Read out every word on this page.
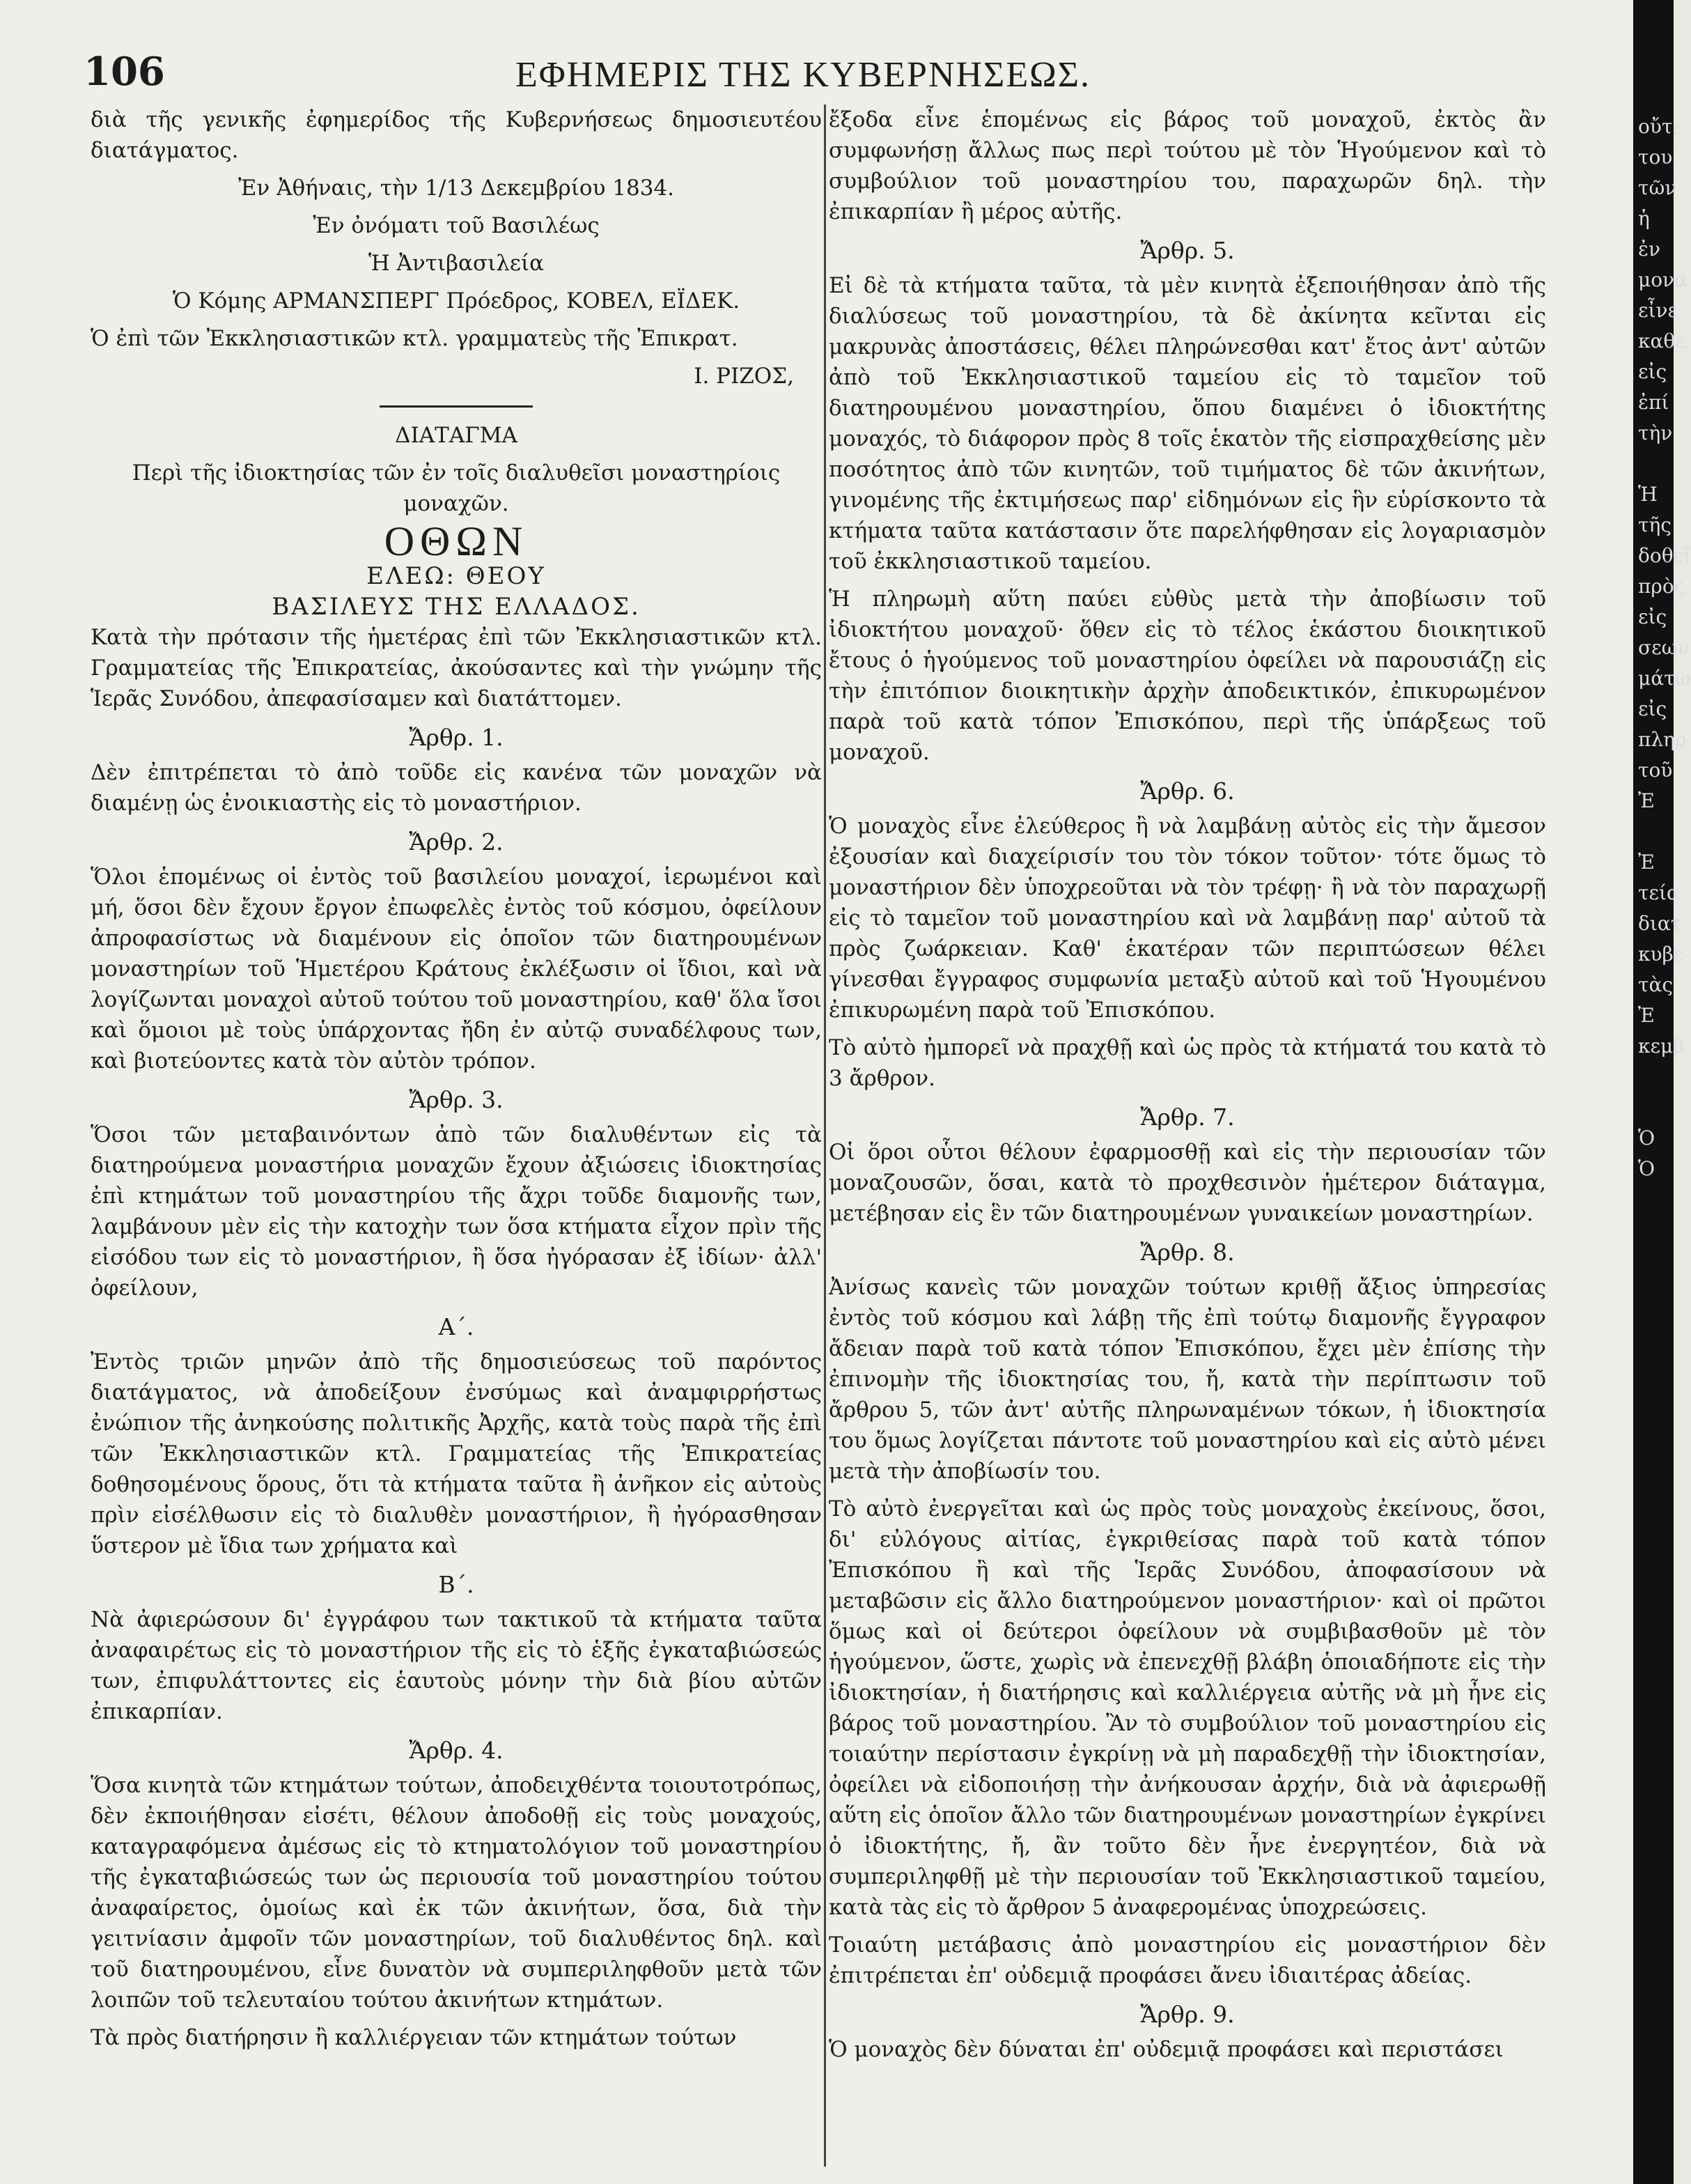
106	ΕΦΗΜΕΡΙΣ ΤΗΣ ΚΥΒΕΡΝΗΣΕΩΣ.

διὰ τῆς γενικῆς ἐφημερίδος τῆς Κυβερνήσεως δημοσιευτέου διατάγματος.

Ἐν Ἀθήναις, τὴν 1/13 Δεκεμβρίου 1834.

Ἐν ὀνόματι τοῦ Βασιλέως

Ἡ Ἀντιβασιλεία

Ὁ Κόμης ΑΡΜΑΝΣΠΕΡΓ Πρόεδρος, ΚΟΒΕΛ, ΕΪΔΕΚ.

Ὁ ἐπὶ τῶν Ἐκκλησιαστικῶν κτλ. γραμματεὺς τῆς Ἐπικρατ.

Ι. ΡΙΖΟΣ,

ΔΙΑΤΑΓΜΑ

Περὶ τῆς ἰδιοκτησίας τῶν ἐν τοῖς διαλυθεῖσι μοναστηρίοις μοναχῶν.

ΟΘΩΝ
ΕΛΕΩ: ΘΕΟΥ
ΒΑΣΙΛΕΥΣ ΤΗΣ ΕΛΛΑΔΟΣ.

Κατὰ τὴν πρότασιν τῆς ἡμετέρας ἐπὶ τῶν Ἐκκλησιαστικῶν κτλ. Γραμματείας τῆς Ἐπικρατείας, ἀκούσαντες καὶ τὴν γνώμην τῆς Ἱερᾶς Συνόδου, ἀπεφασίσαμεν καὶ διατάττομεν.

Ἄρθρ. 1.

Δὲν ἐπιτρέπεται τὸ ἀπὸ τοῦδε εἰς κανένα τῶν μοναχῶν νὰ διαμένῃ ὡς ἐνοικιαστὴς εἰς τὸ μοναστήριον.

Ἄρθρ. 2.

Ὅλοι ἑπομένως οἱ ἐντὸς τοῦ βασιλείου μοναχοί, ἱερωμένοι καὶ μή, ὅσοι δὲν ἔχουν ἔργον ἐπωφελὲς ἐντὸς τοῦ κόσμου, ὀφείλουν ἀπροφασίστως νὰ διαμένουν εἰς ὁποῖον τῶν διατηρουμένων μοναστηρίων τοῦ Ἡμετέρου Κράτους ἐκλέξωσιν οἱ ἴδιοι, καὶ νὰ λογίζωνται μοναχοὶ αὐτοῦ τούτου τοῦ μοναστηρίου, καθ' ὅλα ἴσοι καὶ ὅμοιοι μὲ τοὺς ὑπάρχοντας ἤδη ἐν αὐτῷ συναδέλφους των, καὶ βιοτεύοντες κατὰ τὸν αὐτὸν τρόπον.

Ἄρθρ. 3.

Ὅσοι τῶν μεταβαινόντων ἀπὸ τῶν διαλυθέντων εἰς τὰ διατηρούμενα μοναστήρια μοναχῶν ἔχουν ἀξιώσεις ἰδιοκτησίας ἐπὶ κτημάτων τοῦ μοναστηρίου τῆς ἄχρι τοῦδε διαμονῆς των, λαμβάνουν μὲν εἰς τὴν κατοχὴν των ὅσα κτήματα εἶχον πρὶν τῆς εἰσόδου των εἰς τὸ μοναστήριον, ἢ ὅσα ἠγόρασαν ἐξ ἰδίων· ἀλλ' ὀφείλουν,

Α΄.

Ἐντὸς τριῶν μηνῶν ἀπὸ τῆς δημοσιεύσεως τοῦ παρόντος διατάγματος, νὰ ἀποδείξουν ἐνσύμως καὶ ἀναμφιρρήστως ἐνώπιον τῆς ἀνηκούσης πολιτικῆς Ἀρχῆς, κατὰ τοὺς παρὰ τῆς ἐπὶ τῶν Ἐκκλησιαστικῶν κτλ. Γραμματείας τῆς Ἐπικρατείας δοθησομένους ὅρους, ὅτι τὰ κτήματα ταῦτα ἢ ἀνῆκον εἰς αὐτοὺς πρὶν εἰσέλθωσιν εἰς τὸ διαλυθὲν μοναστήριον, ἢ ἠγόρασθησαν ὕστερον μὲ ἴδια των χρήματα καὶ

Β΄.

Νὰ ἀφιερώσουν δι' ἐγγράφου των τακτικοῦ τὰ κτήματα ταῦτα ἀναφαιρέτως εἰς τὸ μοναστήριον τῆς εἰς τὸ ἑξῆς ἐγκαταβιώσεώς των, ἐπιφυλάττοντες εἰς ἑαυτοὺς μόνην τὴν διὰ βίου αὐτῶν ἐπικαρπίαν.

Ἄρθρ. 4.

Ὅσα κινητὰ τῶν κτημάτων τούτων, ἀποδειχθέντα τοιουτοτρόπως, δὲν ἐκποιήθησαν εἰσέτι, θέλουν ἀποδοθῇ εἰς τοὺς μοναχούς, καταγραφόμενα ἀμέσως εἰς τὸ κτηματολόγιον τοῦ μοναστηρίου τῆς ἐγκαταβιώσεώς των ὡς περιουσία τοῦ μοναστηρίου τούτου ἀναφαίρετος, ὁμοίως καὶ ἐκ τῶν ἀκινήτων, ὅσα, διὰ τὴν γειτνίασιν ἀμφοῖν τῶν μοναστηρίων, τοῦ διαλυθέντος δηλ. καὶ τοῦ διατηρουμένου, εἶνε δυνατὸν νὰ συμπεριληφθοῦν μετὰ τῶν λοιπῶν τοῦ τελευταίου τούτου ἀκινήτων κτημάτων.

Τὰ πρὸς διατήρησιν ἢ καλλιέργειαν τῶν κτημάτων τούτων

ἔξοδα εἶνε ἑπομένως εἰς βάρος τοῦ μοναχοῦ, ἐκτὸς ἂν συμφωνήσῃ ἄλλως πως περὶ τούτου μὲ τὸν Ἡγούμενον καὶ τὸ συμβούλιον τοῦ μοναστηρίου του, παραχωρῶν δηλ. τὴν ἐπικαρπίαν ἢ μέρος αὐτῆς.

Ἄρθρ. 5.

Εἰ δὲ τὰ κτήματα ταῦτα, τὰ μὲν κινητὰ ἐξεποιήθησαν ἀπὸ τῆς διαλύσεως τοῦ μοναστηρίου, τὰ δὲ ἀκίνητα κεῖνται εἰς μακρυνὰς ἀποστάσεις, θέλει πληρώνεσθαι κατ' ἔτος ἀντ' αὐτῶν ἀπὸ τοῦ Ἐκκλησιαστικοῦ ταμείου εἰς τὸ ταμεῖον τοῦ διατηρουμένου μοναστηρίου, ὅπου διαμένει ὁ ἰδιοκτήτης μοναχός, τὸ διάφορον πρὸς 8 τοῖς ἑκατὸν τῆς εἰσπραχθείσης μὲν ποσότητος ἀπὸ τῶν κινητῶν, τοῦ τιμήματος δὲ τῶν ἀκινήτων, γινομένης τῆς ἐκτιμήσεως παρ' εἰδημόνων εἰς ἣν εὑρίσκοντο τὰ κτήματα ταῦτα κατάστασιν ὅτε παρελήφθησαν εἰς λογαριασμὸν τοῦ ἐκκλησιαστικοῦ ταμείου.

Ἡ πληρωμὴ αὕτη παύει εὐθὺς μετὰ τὴν ἀποβίωσιν τοῦ ἰδιοκτήτου μοναχοῦ· ὅθεν εἰς τὸ τέλος ἑκάστου διοικητικοῦ ἔτους ὁ ἡγούμενος τοῦ μοναστηρίου ὀφείλει νὰ παρουσιάζῃ εἰς τὴν ἐπιτόπιον διοικητικὴν ἀρχὴν ἀποδεικτικόν, ἐπικυρωμένον παρὰ τοῦ κατὰ τόπον Ἐπισκόπου, περὶ τῆς ὑπάρξεως τοῦ μοναχοῦ.

Ἄρθρ. 6.

Ὁ μοναχὸς εἶνε ἐλεύθερος ἢ νὰ λαμβάνῃ αὐτὸς εἰς τὴν ἄμεσον ἐξουσίαν καὶ διαχείρισίν του τὸν τόκον τοῦτον· τότε ὅμως τὸ μοναστήριον δὲν ὑποχρεοῦται νὰ τὸν τρέφῃ· ἢ νὰ τὸν παραχωρῇ εἰς τὸ ταμεῖον τοῦ μοναστηρίου καὶ νὰ λαμβάνῃ παρ' αὐτοῦ τὰ πρὸς ζωάρκειαν. Καθ' ἑκατέραν τῶν περιπτώσεων θέλει γίνεσθαι ἔγγραφος συμφωνία μεταξὺ αὐτοῦ καὶ τοῦ Ἡγουμένου ἐπικυρωμένη παρὰ τοῦ Ἐπισκόπου.

Τὸ αὐτὸ ἠμπορεῖ νὰ πραχθῇ καὶ ὡς πρὸς τὰ κτήματά του κατὰ τὸ 3 ἄρθρον.

Ἄρθρ. 7.

Οἱ ὅροι οὗτοι θέλουν ἐφαρμοσθῇ καὶ εἰς τὴν περιουσίαν τῶν μοναζουσῶν, ὅσαι, κατὰ τὸ προχθεσινὸν ἡμέτερον διάταγμα, μετέβησαν εἰς ἓν τῶν διατηρουμένων γυναικείων μοναστηρίων.

Ἄρθρ. 8.

Ἀνίσως κανεὶς τῶν μοναχῶν τούτων κριθῇ ἄξιος ὑπηρεσίας ἐντὸς τοῦ κόσμου καὶ λάβῃ τῆς ἐπὶ τούτῳ διαμονῆς ἔγγραφον ἄδειαν παρὰ τοῦ κατὰ τόπον Ἐπισκόπου, ἔχει μὲν ἐπίσης τὴν ἐπινομὴν τῆς ἰδιοκτησίας του, ἤ, κατὰ τὴν περίπτωσιν τοῦ ἄρθρου 5, τῶν ἀντ' αὐτῆς πληρωναμένων τόκων, ἡ ἰδιοκτησία του ὅμως λογίζεται πάντοτε τοῦ μοναστηρίου καὶ εἰς αὐτὸ μένει μετὰ τὴν ἀποβίωσίν του.

Τὸ αὐτὸ ἐνεργεῖται καὶ ὡς πρὸς τοὺς μοναχοὺς ἐκείνους, ὅσοι, δι' εὐλόγους αἰτίας, ἐγκριθείσας παρὰ τοῦ κατὰ τόπον Ἐπισκόπου ἢ καὶ τῆς Ἱερᾶς Συνόδου, ἀποφασίσουν νὰ μεταβῶσιν εἰς ἄλλο διατηρούμενον μοναστήριον· καὶ οἱ πρῶτοι ὅμως καὶ οἱ δεύτεροι ὀφείλουν νὰ συμβιβασθοῦν μὲ τὸν ἡγούμενον, ὥστε, χωρὶς νὰ ἐπενεχθῇ βλάβη ὁποιαδήποτε εἰς τὴν ἰδιοκτησίαν, ἡ διατήρησις καὶ καλλιέργεια αὐτῆς νὰ μὴ ἦνε εἰς βάρος τοῦ μοναστηρίου. Ἂν τὸ συμβούλιον τοῦ μοναστηρίου εἰς τοιαύτην περίστασιν ἐγκρίνῃ νὰ μὴ παραδεχθῇ τὴν ἰδιοκτησίαν, ὀφείλει νὰ εἰδοποιήσῃ τὴν ἀνήκουσαν ἀρχήν, διὰ νὰ ἀφιερωθῇ αὕτη εἰς ὁποῖον ἄλλο τῶν διατηρουμένων μοναστηρίων ἐγκρίνει ὁ ἰδιοκτήτης, ἤ, ἂν τοῦτο δὲν ἦνε ἐνεργητέον, διὰ νὰ συμπεριληφθῇ μὲ τὴν περιουσίαν τοῦ Ἐκκλησιαστικοῦ ταμείου, κατὰ τὰς εἰς τὸ ἄρθρον 5 ἀναφερομένας ὑποχρεώσεις.

Τοιαύτη μετάβασις ἀπὸ μοναστηρίου εἰς μοναστήριον δὲν ἐπιτρέπεται ἐπ' οὐδεμιᾷ προφάσει ἄνευ ἰδιαιτέρας ἀδείας.

Ἄρθρ. 9.

Ὁ μοναχὸς δὲν δύναται ἐπ' οὐδεμιᾷ προφάσει καὶ περιστάσει

οὔτε
του,
τῶν
ἡ ἐν
μονα
εἶνε
καθε
εἰς
ἐπί
τὴν

Ἡ
τῆς
δοθεῖ
πρὸς
εἰς
σεων
μάτω
εἰς
πληρ
τοῦ Ἐ

Ἐ
τεία
διατ
κυβε
τὰς
Ἐ
κεμβ

Ὁ
Ὁ
